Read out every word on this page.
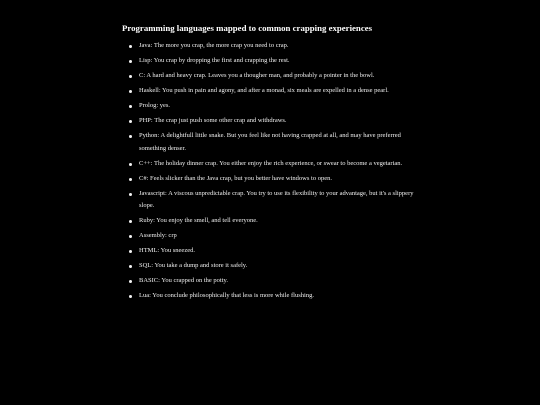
Programming languages mapped to common crapping experiences
Java: The more you crap, the more crap you need to crap.
Lisp: You crap by dropping the first and crapping the rest.
C: A hard and heavy crap. Leaves you a thougher man, and probably a pointer in the bowl.
Haskell: You push in pain and agony, and after a monad, six meals are expelled in a dense pearl.
Prolog: yes.
PHP: The crap just push some other crap and withdraws.
Python: A delightfull little snake. But you feel like not having crapped at all, and may have preferred something denser.
C++: The holiday dinner crap. You either enjoy the rich experience, or swear to become a vegetarian.
C#: Feels slicker than the Java crap, but you better have windows to open.
Javascript: A viscous unpredictable crap. You try to use its flexibility to your advantage, but it's a slippery slope.
Ruby: You enjoy the smell, and tell everyone.
Assembly: crp
HTML: You sneezed.
SQL: You take a dump and store it safely.
BASIC: You crapped on the potty.
Lua: You conclude philosophically that less is more while flushing.
